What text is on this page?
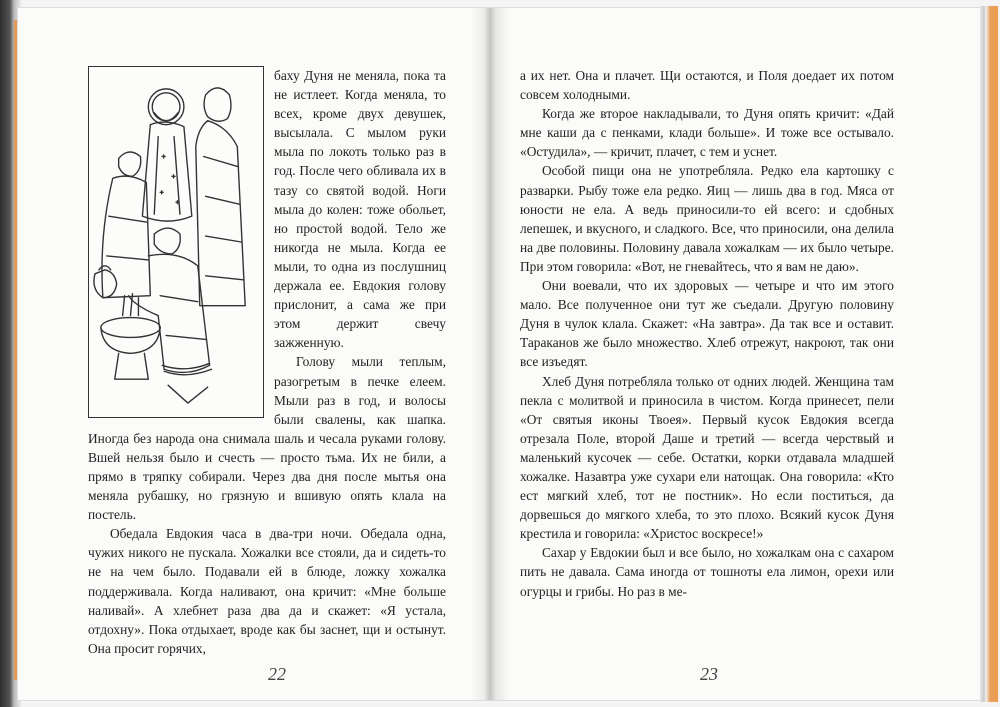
баху Дуня не меняла, пока та не истлеет. Когда меняла, то всех, кроме двух девушек, высылала. С мылом руки мыла по локоть только раз в год. После чего обливала их в тазу со святой водой. Ноги мыла до колен: тоже обольет, но простой водой. Тело же никогда не мыла. Когда ее мыли, то одна из послушниц держала ее. Евдокия голову прислонит, а сама же при этом держит свечу зажженную.

Голову мыли теплым, разогретым в печке елеем. Мыли раз в год, и волосы были свалены, как шапка. Иногда без народа она снимала шаль и чесала руками голову. Вшей нельзя было и счесть — просто тьма. Их не били, а прямо в тряпку собирали. Через два дня после мытья она меняла рубашку, но грязную и вшивую опять клала на постель.

Обедала Евдокия часа в два-три ночи. Обедала одна, чужих никого не пускала. Хожалки все стояли, да и сидеть-то не на чем было. Подавали ей в блюде, ложку хожалка поддерживала. Когда наливают, она кричит: «Мне больше наливай». А хлебнет раза два да и скажет: «Я устала, отдохну». Пока отдыхает, вроде как бы заснет, щи и остынут. Она просит горячих,

а их нет. Она и плачет. Щи остаются, и Поля доедает их потом совсем холодными.

Когда же второе накладывали, то Дуня опять кричит: «Дай мне каши да с пенками, клади больше». И тоже все остывало. «Остудила», — кричит, плачет, с тем и уснет.

Особой пищи она не употребляла. Редко ела картошку с разварки. Рыбу тоже ела редко. Яиц — лишь два в год. Мяса от юности не ела. А ведь приносили-то ей всего: и сдобных лепешек, и вкусного, и сладкого. Все, что приносили, она делила на две половины. Половину давала хожалкам — их было четыре. При этом говорила: «Вот, не гневайтесь, что я вам не даю».

Они воевали, что их здоровых — четыре и что им этого мало. Все полученное они тут же съедали. Другую половину Дуня в чулок клала. Скажет: «На завтра». Да так все и оставит. Тараканов же было множество. Хлеб отрежут, накроют, так они все изъедят.

Хлеб Дуня потребляла только от одних людей. Женщина там пекла с молитвой и приносила в чистом. Когда принесет, пели «От святыя иконы Твоея». Первый кусок Евдокия всегда отрезала Поле, второй Даше и третий — всегда черствый и маленький кусочек — себе. Остатки, корки отдавала младшей хожалке. Назавтра уже сухари ели натощак. Она говорила: «Кто ест мягкий хлеб, тот не постник». Но если поститься, да дорвешься до мягкого хлеба, то это плохо. Всякий кусок Дуня крестила и говорила: «Христос воскресе!»

Сахар у Евдокии был и все было, но хожалкам она с сахаром пить не давала. Сама иногда от тошноты ела лимон, орехи или огурцы и грибы. Но раз в ме-

22	23
